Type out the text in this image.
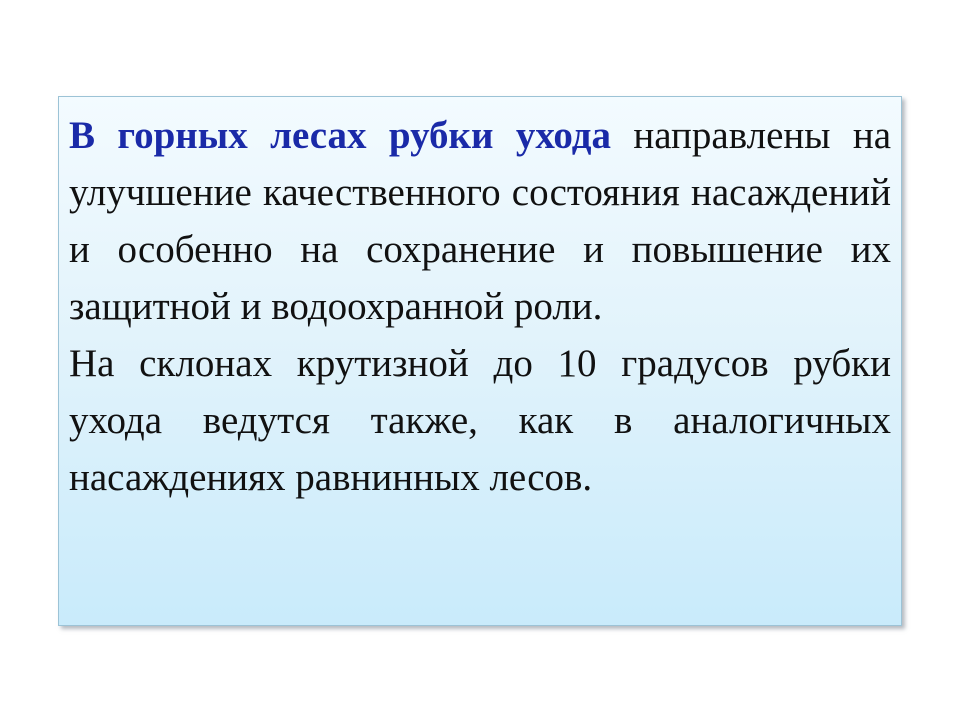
В горных лесах рубки ухода направлены на улучшение качественного состояния насаждений и особенно на сохранение и повышение их защитной и водоохранной роли.

На склонах крутизной до 10 градусов рубки ухода ведутся также, как в аналогичных насаждениях равнинных лесов.
